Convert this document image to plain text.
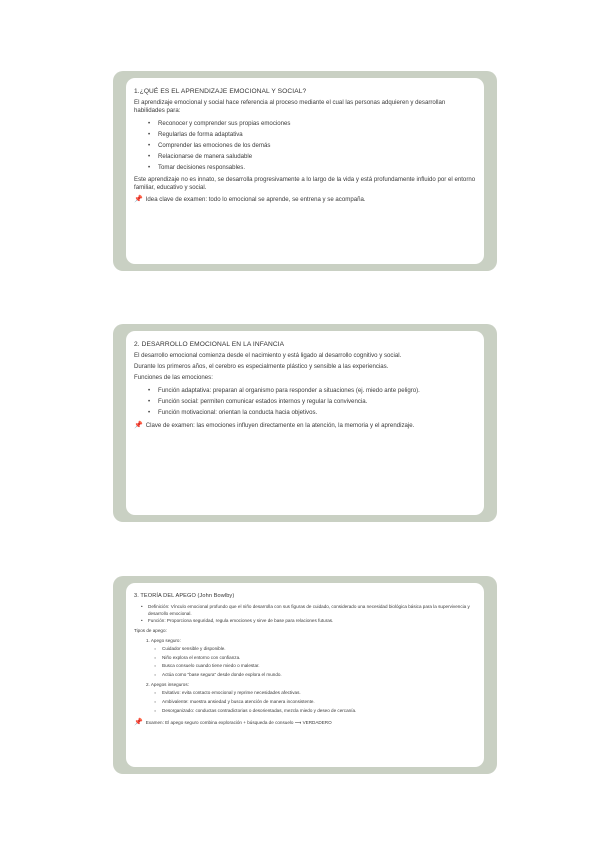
1.¿QUÉ ES EL APRENDIZAJE EMOCIONAL Y SOCIAL?

El aprendizaje emocional y social hace referencia al proceso mediante el cual las personas adquieren y desarrollan habilidades para:

• Reconocer y comprender sus propias emociones
• Regularlas de forma adaptativa
• Comprender las emociones de los demás
• Relacionarse de manera saludable
• Tomar decisiones responsables.

Este aprendizaje no es innato, se desarrolla progresivamente a lo largo de la vida y está profundamente influido por el entorno familiar, educativo y social.

📌 Idea clave de examen: todo lo emocional se aprende, se entrena y se acompaña.
2. DESARROLLO EMOCIONAL EN LA INFANCIA

El desarrollo emocional comienza desde el nacimiento y está ligado al desarrollo cognitivo y social.

Durante los primeros años, el cerebro es especialmente plástico y sensible a las experiencias.

Funciones de las emociones:

• Función adaptativa: preparan al organismo para responder a situaciones (ej. miedo ante peligro).
• Función social: permiten comunicar estados internos y regular la convivencia.
• Función motivacional: orientan la conducta hacia objetivos.
📌 Clave de examen: las emociones influyen directamente en la atención, la memoria y el aprendizaje.
3. TEORÍA DEL APEGO (John Bowlby)
• Definición: Vínculo emocional profundo que el niño desarrolla con sus figuras de cuidado, considerado una necesidad biológica básica para la supervivencia y desarrollo emocional.
• Función: Proporciona seguridad, regula emociones y sirve de base para relaciones futuras.

Tipos de apego:

1. Apego seguro:
○ Cuidador sensible y disponible.
○ Niño explora el entorno con confianza.
○ Busca consuelo cuando tiene miedo o malestar.
○ Actúa como "base segura" desde donde explora el mundo.
2. Apegos inseguros:
○ Evitativo: evita contacto emocional y reprime necesidades afectivas.
○ Ambivalente: muestra ansiedad y busca atención de manera inconsistente.
○ Desorganizado: conductas contradictorias o desorientadas, mezcla miedo y deseo de cercanía.
📌 Examen: El apego seguro combina exploración + búsqueda de consuelo ⟶ VERDADERO
